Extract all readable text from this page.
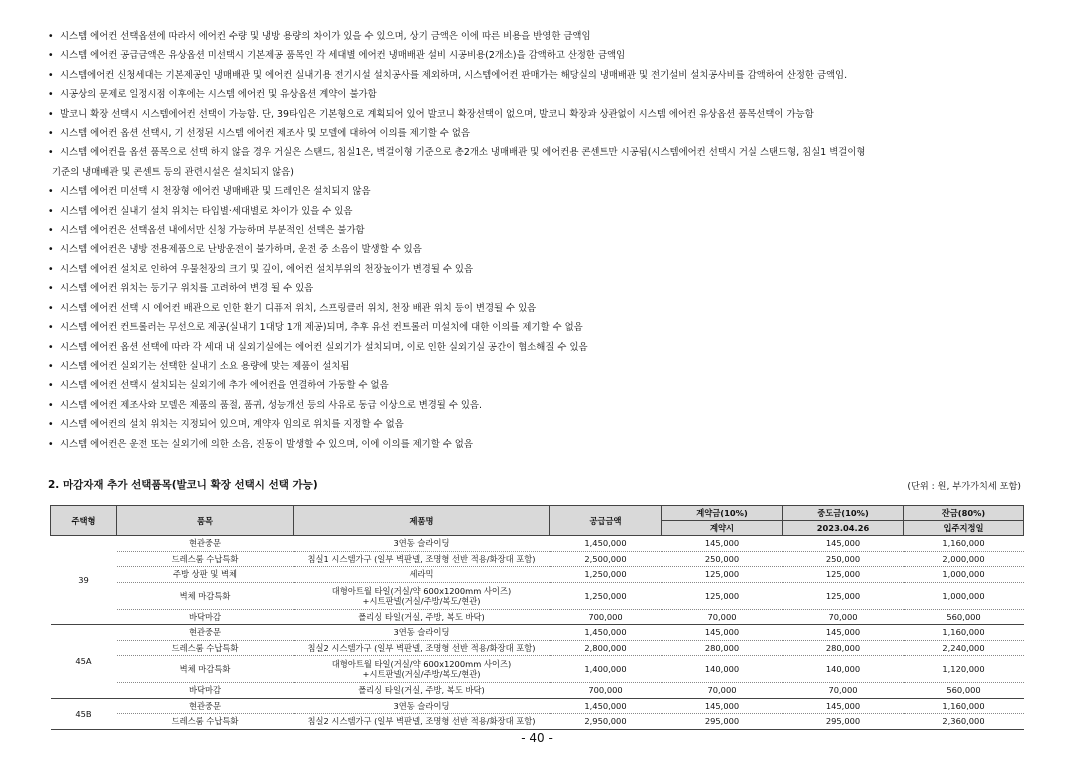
• 시스템 에어컨 선택옵션에 따라서 에어컨 수량 및 냉방 용량의 차이가 있을 수 있으며, 상기 금액은 이에 따른 비용을 반영한 금액임
• 시스템 에어컨 공급금액은 유상옵션 미선택시 기본제공 품목인 각 세대별 에어컨 냉매배관 설비 시공비용(2개소)을 감액하고 산정한 금액임
• 시스템에어컨 신청세대는 기본제공인 냉매배관 및 에어컨 실내기용 전기시설 설치공사를 제외하며, 시스템에어컨 판매가는 해당실의 냉매배관 및 전기설비 설치공사비를 감액하여 산정한 금액임.
• 시공상의 문제로 일정시점 이후에는 시스템 에어컨 및 유상옵션 계약이 불가함
• 발코니 확장 선택시 시스템에어컨 선택이 가능함. 단, 39타입은 기본형으로 계획되어 있어 발코니 확장선택이 없으며, 발코니 확장과 상관없이 시스템 에어컨 유상옵션 품목선택이 가능함
• 시스템 에어컨 옵션 선택시, 기 선정된 시스템 에어컨 제조사 및 모델에 대하여 이의를 제기할 수 없음
• 시스템 에어컨을 옵션 품목으로 선택 하지 않을 경우 거실은 스탠드, 침실1은, 벽걸이형 기준으로 총2개소 냉매배관 및 에어컨용 콘센트만 시공됨(시스템에어컨 선택시 거실 스탠드형, 침실1 벽걸이형
기준의 냉매배관 및 콘센트 등의 관련시설은 설치되지 않음)
• 시스템 에어컨 미선택 시 천장형 에어컨 냉매배관 및 드레인은 설치되지 않음
• 시스템 에어컨 실내기 설치 위치는 타입별·세대별로 차이가 있을 수 있음
• 시스템 에어컨은 선택옵션 내에서만 신청 가능하며 부분적인 선택은 불가함
• 시스템 에어컨은 냉방 전용제품으로 난방운전이 불가하며, 운전 중 소음이 발생할 수 있음
• 시스템 에어컨 설치로 인하여 우물천장의 크기 및 깊이, 에어컨 설치부위의 천장높이가 변경될 수 있음
• 시스템 에어컨 위치는 등기구 위치를 고려하여 변경 될 수 있음
• 시스템 에어컨 선택 시 에어컨 배관으로 인한 환기 디퓨저 위치, 스프링클러 위치, 천장 배관 위치 등이 변경될 수 있음
• 시스템 에어컨 컨트롤러는 무선으로 제공(실내기 1대당 1개 제공)되며, 추후 유선 컨트롤러 미설치에 대한 이의를 제기할 수 없음
• 시스템 에어컨 옵션 선택에 따라 각 세대 내 실외기실에는 에어컨 실외기가 설치되며, 이로 인한 실외기실 공간이 협소해질 수 있음
• 시스템 에어컨 실외기는 선택한 실내기 소요 용량에 맞는 제품이 설치됨
• 시스템 에어컨 선택시 설치되는 실외기에 추가 에어컨을 연결하여 가동할 수 없음
• 시스템 에어컨 제조사와 모델은 제품의 품절, 품귀, 성능개선 등의 사유로 동급 이상으로 변경될 수 있음.
• 시스템 에어컨의 설치 위치는 지정되어 있으며, 계약자 임의로 위치를 지정할 수 없음
• 시스템 에어컨은 운전 또는 실외기에 의한 소음, 진동이 발생할 수 있으며, 이에 이의를 제기할 수 없음
2. 마감자재 추가 선택품목(발코니 확장 선택시 선택 가능)	(단위 : 원, 부가가치세 포함)
주택형	품목	제품명	공급금액	계약금(10%)	중도금(10%)	잔금(80%)
				계약시	2023.04.26	입주지정일
39	현관중문	3연동 슬라이딩	1,450,000	145,000	145,000	1,160,000
	드레스룸 수납특화	침실1 시스템가구 (일부 벽판넬, 조명형 선반 적용/화장대 포함)	2,500,000	250,000	250,000	2,000,000
	주방 상판 및 벽체	세라믹	1,250,000	125,000	125,000	1,000,000
	벽체 마감특화	대형아트월 타일(거실/약 600x1200mm 사이즈)
+시트판넬(거실/주방/복도/현관)	1,250,000	125,000	125,000	1,000,000
	바닥마감	폴리싱 타일(거실, 주방, 복도 바닥)	700,000	70,000	70,000	560,000
45A	현관중문	3연동 슬라이딩	1,450,000	145,000	145,000	1,160,000
	드레스룸 수납특화	침실2 시스템가구 (일부 벽판넬, 조명형 선반 적용/화장대 포함)	2,800,000	280,000	280,000	2,240,000
	벽체 마감특화	대형아트월 타일(거실/약 600x1200mm 사이즈)
+시트판넬(거실/주방/복도/현관)	1,400,000	140,000	140,000	1,120,000
	바닥마감	폴리싱 타일(거실, 주방, 복도 바닥)	700,000	70,000	70,000	560,000
45B	현관중문	3연동 슬라이딩	1,450,000	145,000	145,000	1,160,000
	드레스룸 수납특화	침실2 시스템가구 (일부 벽판넬, 조명형 선반 적용/화장대 포함)	2,950,000	295,000	295,000	2,360,000
- 40 -
